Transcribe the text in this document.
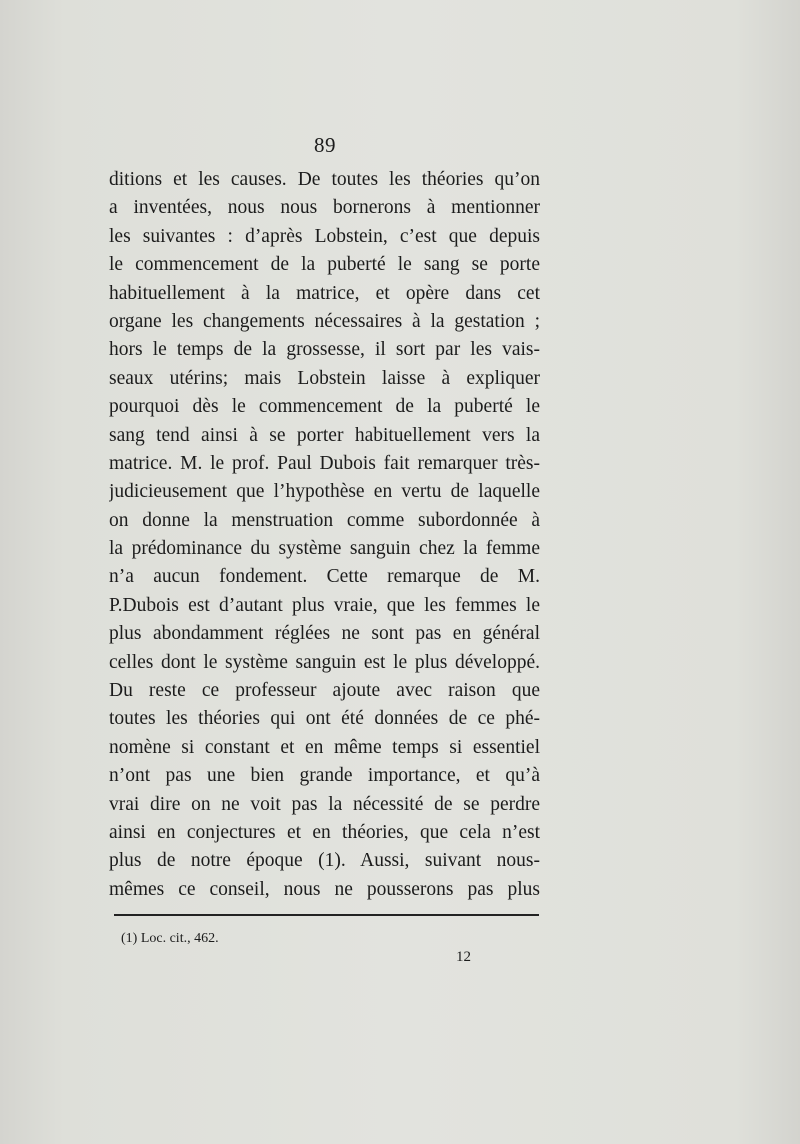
89
ditions et les causes. De toutes les théories qu’on
a inventées, nous nous bornerons à mentionner
les suivantes : d’après Lobstein, c’est que depuis
le commencement de la puberté le sang se porte
habituellement à la matrice, et opère dans cet
organe les changements nécessaires à la gestation ;
hors le temps de la grossesse, il sort par les vais-
seaux utérins; mais Lobstein laisse à expliquer
pourquoi dès le commencement de la puberté le
sang tend ainsi à se porter habituellement vers la
matrice. M. le prof. Paul Dubois fait remarquer très-
judicieusement que l’hypothèse en vertu de laquelle
on donne la menstruation comme subordonnée à
la prédominance du système sanguin chez la femme
n’a aucun fondement. Cette remarque de M.
P.Dubois est d’autant plus vraie, que les femmes le
plus abondamment réglées ne sont pas en général
celles dont le système sanguin est le plus développé.
Du reste ce professeur ajoute avec raison que
toutes les théories qui ont été données de ce phé-
nomène si constant et en même temps si essentiel
n’ont pas une bien grande importance, et qu’à
vrai dire on ne voit pas la nécessité de se perdre
ainsi en conjectures et en théories, que cela n’est
plus de notre époque (1). Aussi, suivant nous-
mêmes ce conseil, nous ne pousserons pas plus
(1) Loc. cit., 462.
12
